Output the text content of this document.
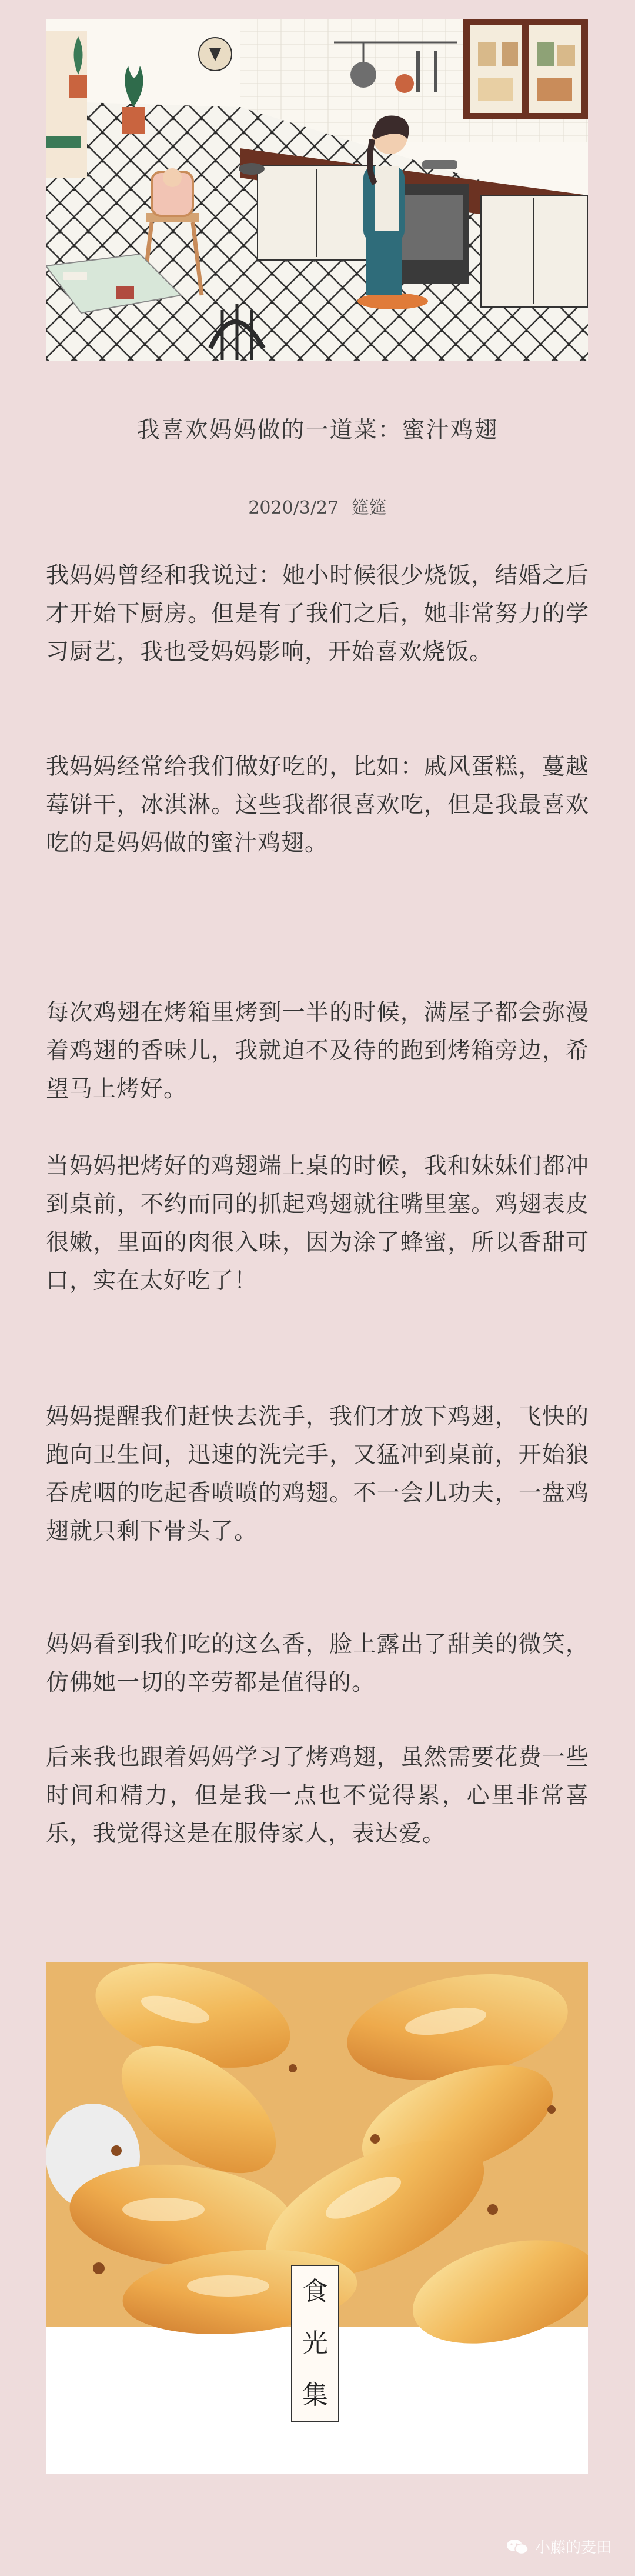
我喜欢妈妈做的一道菜：蜜汁鸡翅
2020/3/27 筵筵

我妈妈曾经和我说过：她小时候很少烧饭，结婚之后才开始下厨房。但是有了我们之后，她非常努力的学习厨艺，我也受妈妈影响，开始喜欢烧饭。

我妈妈经常给我们做好吃的，比如：戚风蛋糕，蔓越莓饼干，冰淇淋。这些我都很喜欢吃，但是我最喜欢吃的是妈妈做的蜜汁鸡翅。

每次鸡翅在烤箱里烤到一半的时候，满屋子都会弥漫着鸡翅的香味儿，我就迫不及待的跑到烤箱旁边，希望马上烤好。

当妈妈把烤好的鸡翅端上桌的时候，我和妹妹们都冲到桌前，不约而同的抓起鸡翅就往嘴里塞。鸡翅表皮很嫩，里面的肉很入味，因为涂了蜂蜜，所以香甜可口，实在太好吃了！

妈妈提醒我们赶快去洗手，我们才放下鸡翅，飞快的跑向卫生间，迅速的洗完手，又猛冲到桌前，开始狼吞虎咽的吃起香喷喷的鸡翅。不一会儿功夫，一盘鸡翅就只剩下骨头了。

妈妈看到我们吃的这么香，脸上露出了甜美的微笑，仿佛她一切的辛劳都是值得的。

后来我也跟着妈妈学习了烤鸡翅，虽然需要花费一些时间和精力，但是我一点也不觉得累，心里非常喜乐，我觉得这是在服侍家人，表达爱。

食
光
集
小藤的麦田
